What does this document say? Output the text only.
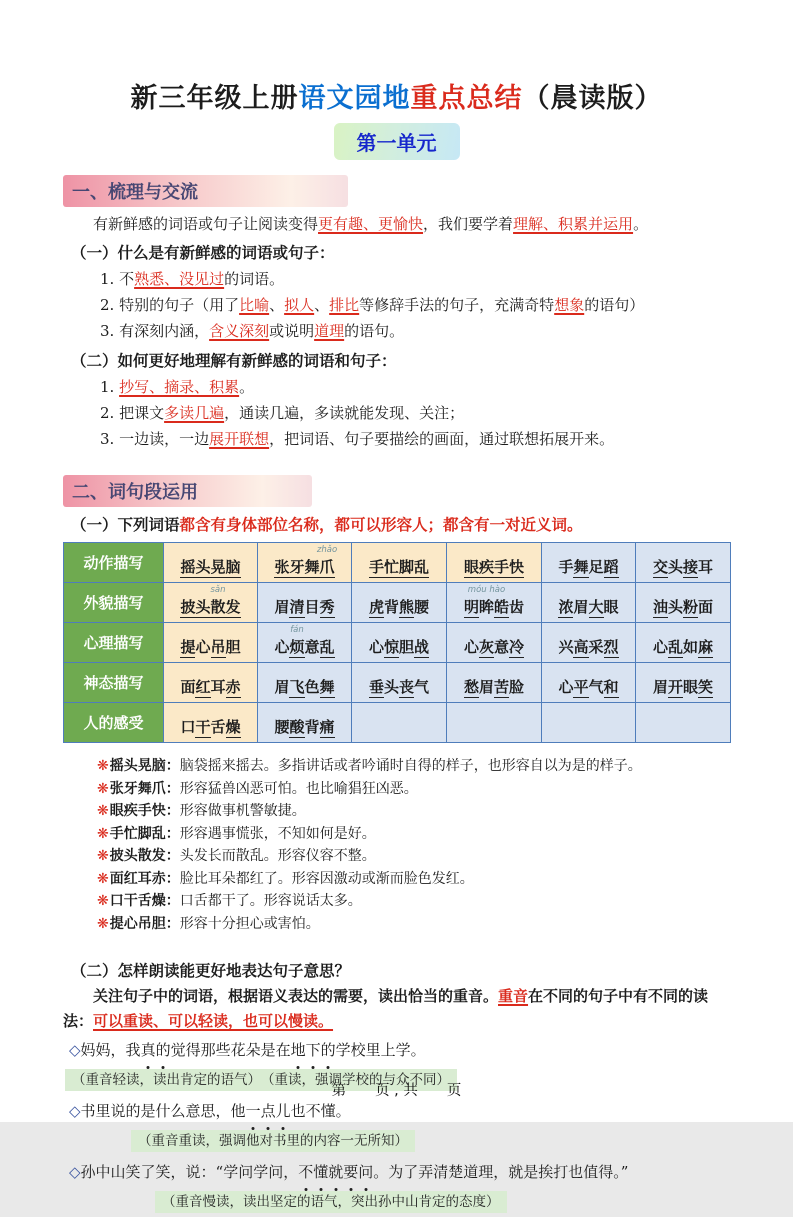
新三年级上册语文园地重点总结（晨读版）
第一单元
一、梳理与交流
有新鲜感的词语或句子让阅读变得更有趣、更愉快，我们要学着理解、积累并运用。
（一）什么是有新鲜感的词语或句子：
1. 不熟悉、没见过的词语。
2. 特别的句子（用了比喻、拟人、排比等修辞手法的句子，充满奇特想象的语句）
3. 有深刻内涵，含义深刻或说明道理的语句。
（二）如何更好地理解有新鲜感的词语和句子：
1. 抄写、摘录、积累。
2. 把课文多读几遍，通读几遍，多读就能发现、关注；
3. 一边读，一边展开联想，把词语、句子要描绘的画面，通过联想拓展开来。
二、词句段运用
（一）下列词语都含有身体部位名称，都可以形容人；都含有一对近义词。
动作描写	摇头晃脑	张牙舞爪
zhǎo	手忙脚乱	眼疾手快	手舞足蹈	交头接耳
外貌描写	披头散
sǎn
发	眉清目秀	虎背熊腰	明眸
móu hào
皓齿	浓眉大眼	油头粉面
心理描写	提心吊胆	心烦
fán
意乱	心惊胆战	心灰意冷	兴高采烈	心乱如麻
神态描写	面红耳赤	眉飞色舞	垂头丧气	愁眉苦脸	心平气和	眉开眼笑
人的感受	口干舌燥	腰酸背痛				
❋摇头晃脑：脑袋摇来摇去。多指讲话或者吟诵时自得的样子，也形容自以为是的样子。
❋张牙舞爪：形容猛兽凶恶可怕。也比喻猖狂凶恶。
❋眼疾手快：形容做事机警敏捷。
❋手忙脚乱：形容遇事慌张，不知如何是好。
❋披头散发：头发长而散乱。形容仪容不整。
❋面红耳赤：脸比耳朵都红了。形容因激动或渐而脸色发红。
❋口干舌燥：口舌都干了。形容说话太多。
❋提心吊胆：形容十分担心或害怕。
（二）怎样朗读能更好地表达句子意思？
关注句子中的词语，根据语义表达的需要，读出恰当的重音。重音在不同的句子中有不同的读法：可以重读、可以轻读，也可以慢读。
◇妈妈，我真的觉得那些花朵是在地下的学校里上学。
（重音轻读，读出肯定的语气）　（重读，强调学校的与众不同）
◇书里说的是什么意思，他一点儿也不懂。
（重音重读，强调他对书里的内容一无所知）
◇孙中山笑了笑，说：“学问学问，不懂就要问。为了弄清楚道理，就是挨打也值得。”
（重音慢读，读出坚定的语气，突出孙中山肯定的态度）
第　　页 , 共　　页
